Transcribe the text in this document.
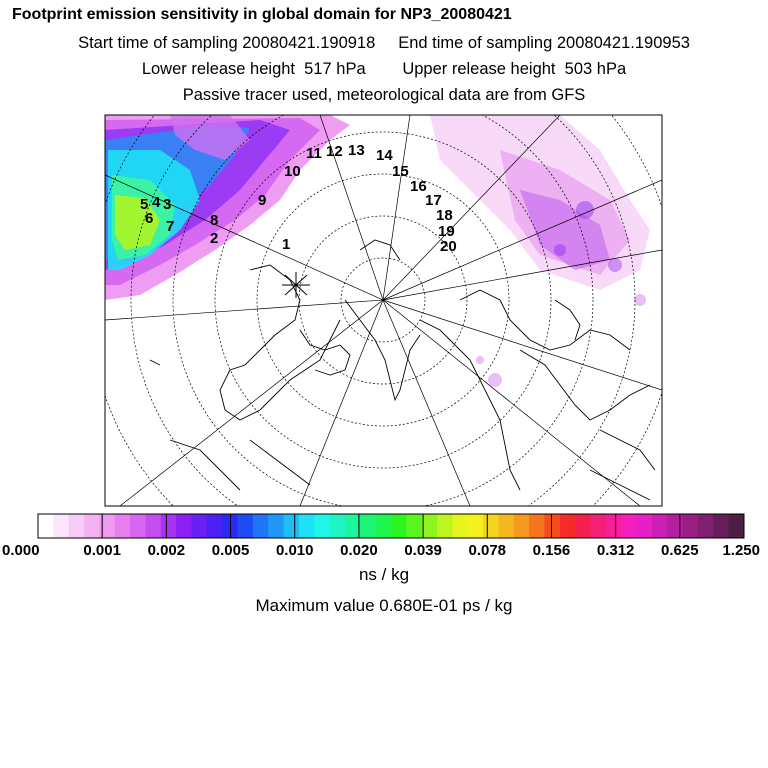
Footprint emission sensitivity in global domain for NP3_20080421
Start time of sampling 20080421.190918     End time of sampling 20080421.190953
Lower release height  517 hPa        Upper release height  503 hPa
Passive tracer used, meteorological data are from GFS
0.000	0.001 0.002 0.005 0.010 0.020 0.039 0.078 0.156 0.312 0.625 1.250
1
2
3
4
5
6 7 8
9
10
11 12 13 14
15
16
17
18
19
20
ns / kg
Maximum value 0.680E-01 ps / kg
